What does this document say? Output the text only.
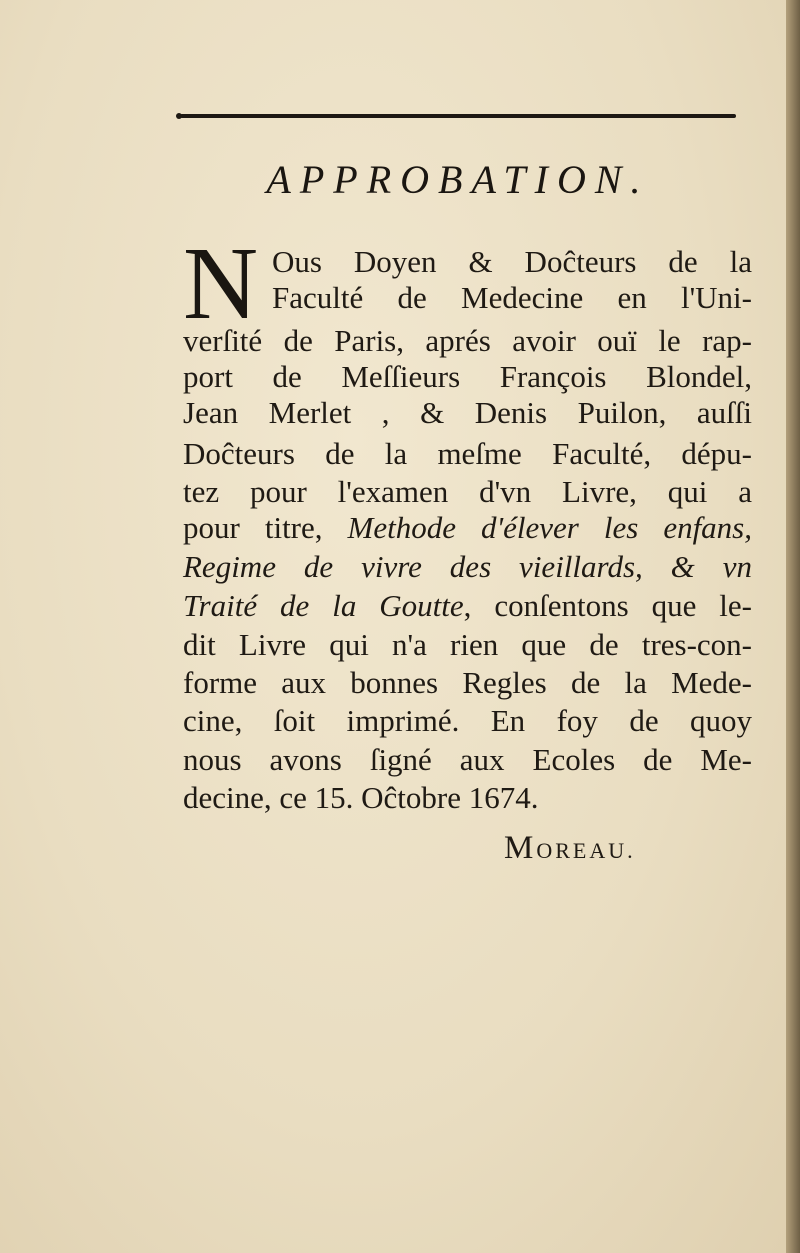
APPROBATION.
N Ous Doyen & Doĉteurs de la
Faculté de Medecine en l'Uni-
verſité de Paris, aprés avoir ouï le rap-
port de Meſſieurs François Blondel,
Jean Merlet , & Denis Puilon, auſſi
Doĉteurs de la meſme Faculté, dépu-
tez pour l'examen d'vn Livre, qui a
pour titre, Methode d'élever les enfans,
Regime de vivre des vieillards, & vn
Traité de la Goutte, conſentons que le-
dit Livre qui n'a rien que de tres-con-
forme aux bonnes Regles de la Mede-
cine, ſoit imprimé. En foy de quoy
nous avons ſigné aux Ecoles de Me-
decine, ce 15. Oĉtobre 1674.
MOREAU.
